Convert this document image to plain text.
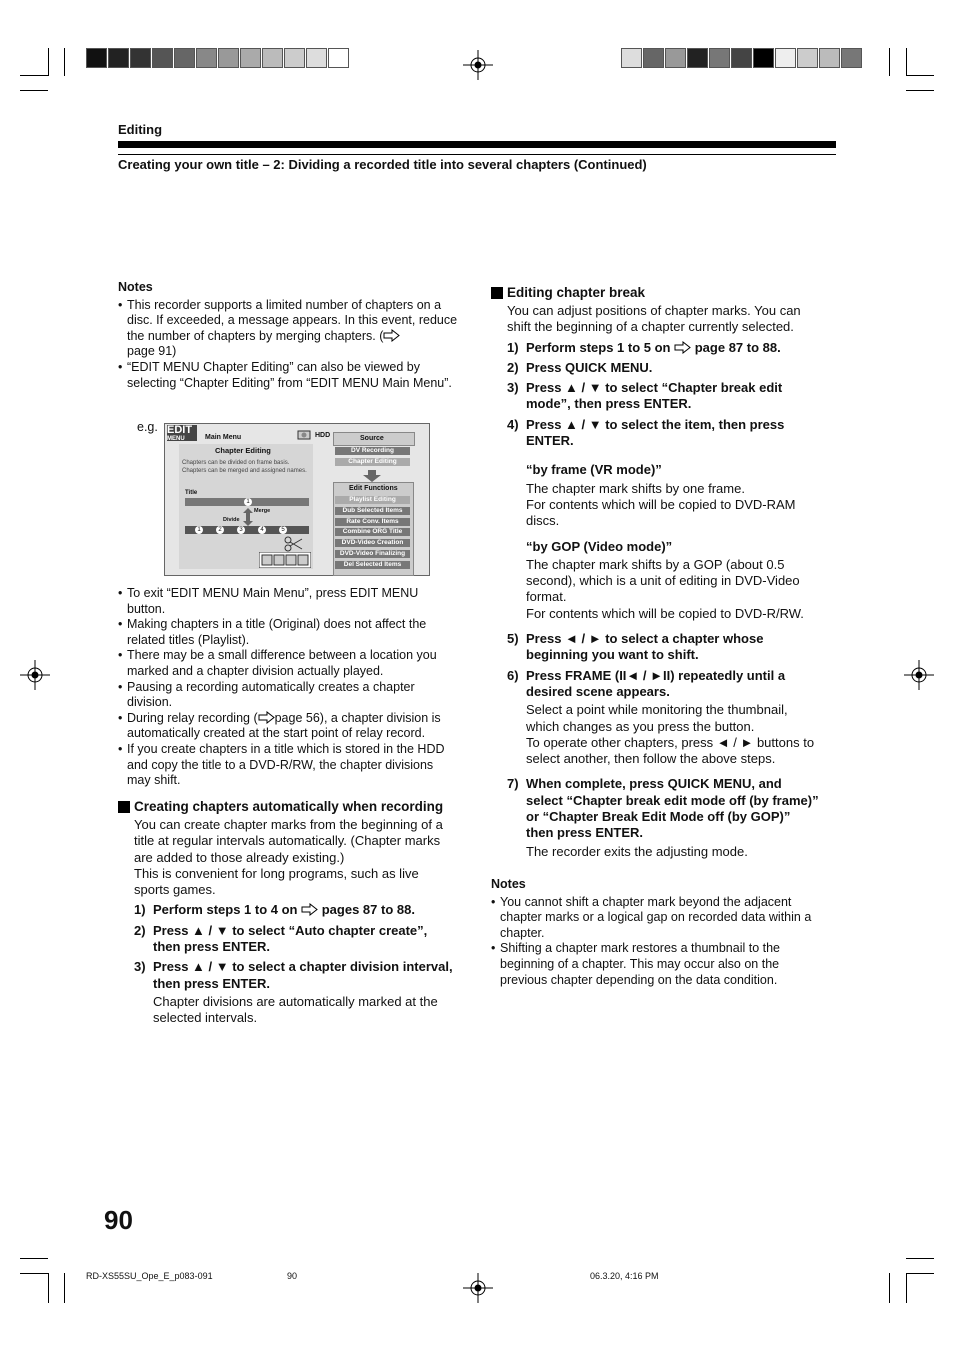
Editing
Creating your own title – 2: Dividing a recorded title into several chapters (Continued)
Notes
• This recorder supports a limited number of chapters on a disc. If exceeded, a message appears. In this event, reduce the number of chapters by merging chapters. (
page 91)
• “EDIT MENU Chapter Editing” can also be viewed by selecting “Chapter Editing” from “EDIT MENU Main Menu”.
e.g. EDIT

MENU	Main Menu	HDD	Source
Chapter Editing
Chapters can be divided on frame basis. Chapters can be merged and assigned names.
Title
1
Merge
Divide
DV Recording
Chapter Editing
Edit Functions
1	2	3	4	5
Playlist Editing
Dub Selected Items
Rate Conv. Items
Combine ORG Title
DVD-Video Creation
DVD-Video Finalizing
Del Selected Items
• To exit “EDIT MENU Main Menu”, press EDIT MENU button.
• Making chapters in a title (Original) does not affect the related titles (Playlist).
• There may be a small difference between a location you marked and a chapter division actually played.
• Pausing a recording automatically creates a chapter division.
• During relay recording ( page 56), a chapter division is automatically created at the start point of relay record.
• If you create chapters in a title which is stored in the HDD and copy the title to a DVD-R/RW, the chapter divisions may shift.
Creating chapters automatically when recording
You can create chapter marks from the beginning of a title at regular intervals automatically. (Chapter marks are added to those already existing.)
This is convenient for long programs, such as live sports games.
1) Perform steps 1 to 4 on pages 87 to 88.
2) Press ▲ / ▼ to select “Auto chapter create”, then press ENTER.
3) Press ▲ / ▼ to select a chapter division interval, then press ENTER.
Chapter divisions are automatically marked at the selected intervals.
Editing chapter break
You can adjust positions of chapter marks. You can shift the beginning of a chapter currently selected.
1) Perform steps 1 to 5 on page 87 to 88.
2) Press QUICK MENU.
3) Press ▲ / ▼ to select “Chapter break edit mode”, then press ENTER.
4) Press ▲ / ▼ to select the item, then press ENTER.
“by frame (VR mode)”
The chapter mark shifts by one frame.
For contents which will be copied to DVD-RAM discs.
“by GOP (Video mode)”
The chapter mark shifts by a GOP (about 0.5 second), which is a unit of editing in DVD-Video format.
For contents which will be copied to DVD-R/RW.
5) Press ◄ / ► to select a chapter whose beginning you want to shift.
6) Press FRAME (II◄ / ►II) repeatedly until a desired scene appears.
Select a point while monitoring the thumbnail, which changes as you press the button.
To operate other chapters, press ◄ / ► buttons to select another, then follow the above steps.
7) When complete, press QUICK MENU, and select “Chapter break edit mode off (by frame)” or “Chapter Break Edit Mode off (by GOP)” then press ENTER.
The recorder exits the adjusting mode.
Notes
• You cannot shift a chapter mark beyond the adjacent chapter marks or a logical gap on recorded data within a chapter.
• Shifting a chapter mark restores a thumbnail to the beginning of a chapter. This may occur also on the previous chapter depending on the data condition.
90
RD-XS55SU_Ope_E_p083-091	90	06.3.20, 4:16 PM
